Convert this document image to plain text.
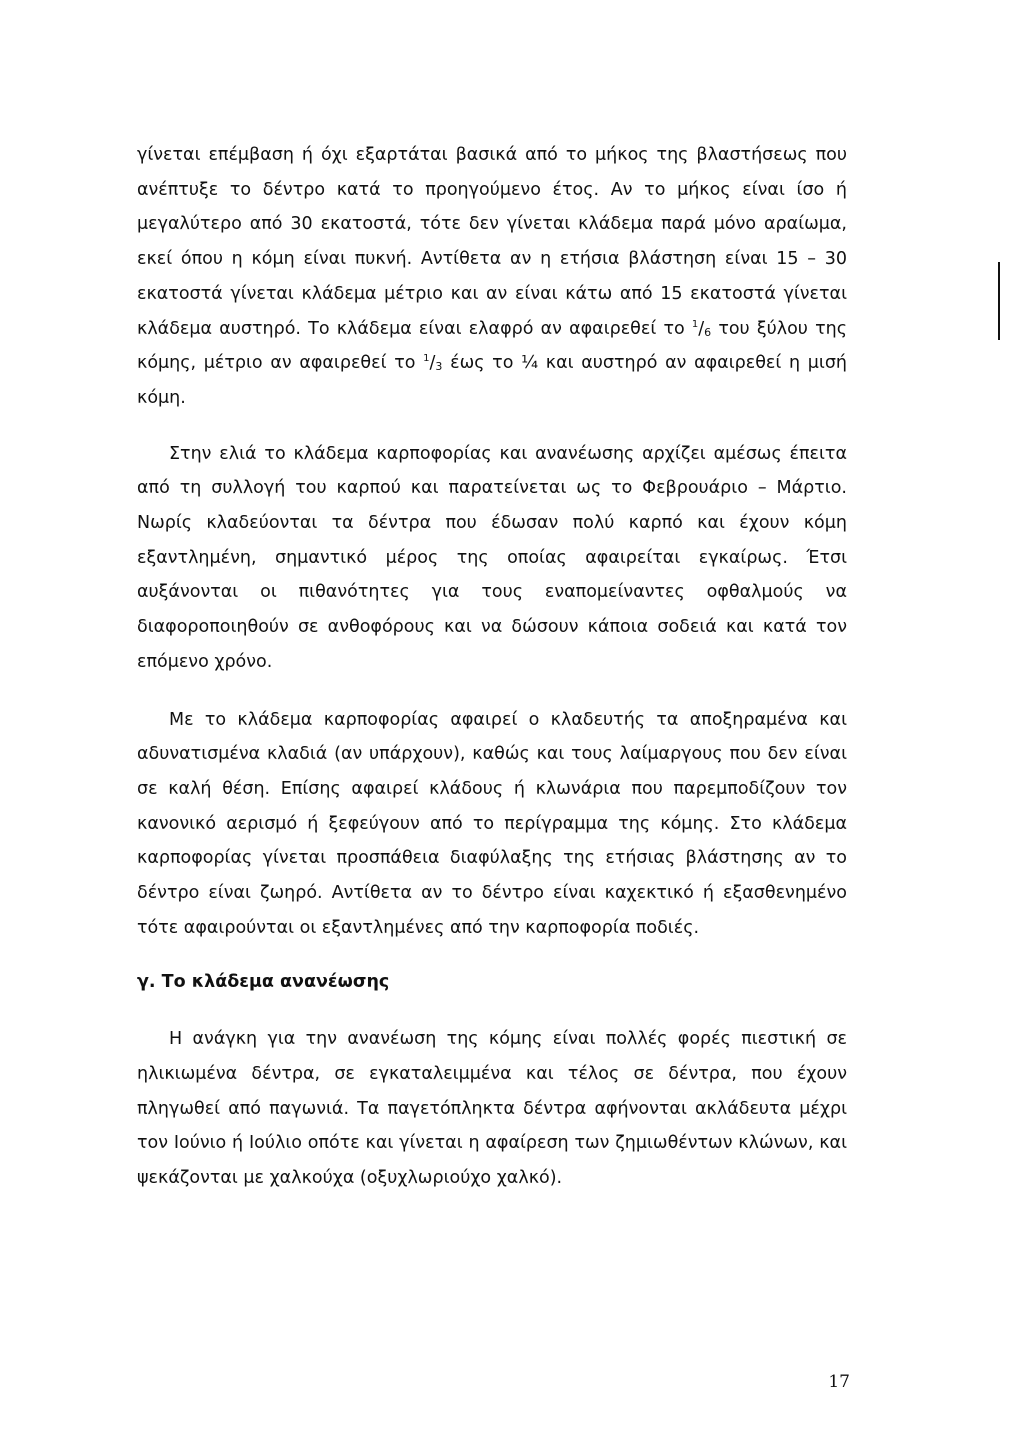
γίνεται επέμβαση ή όχι εξαρτάται βασικά από το μήκος της βλαστήσεως που ανέπτυξε το δέντρο κατά το προηγούμενο έτος. Αν το μήκος είναι ίσο ή μεγαλύτερο από 30 εκατοστά, τότε δεν γίνεται κλάδεμα παρά μόνο αραίωμα, εκεί όπου η κόμη είναι πυκνή. Αντίθετα αν η ετήσια βλάστηση είναι 15 – 30 εκατοστά γίνεται κλάδεμα μέτριο και αν είναι κάτω από 15 εκατοστά γίνεται κλάδεμα αυστηρό. Το κλάδεμα είναι ελαφρό αν αφαιρεθεί το $^1/_6$ του ξύλου της κόμης, μέτριο αν αφαιρεθεί το $^1/_3$ έως το ¼ και αυστηρό αν αφαιρεθεί η μισή κόμη.

Στην ελιά το κλάδεμα καρποφορίας και ανανέωσης αρχίζει αμέσως έπειτα από τη συλλογή του καρπού και παρατείνεται ως το Φεβρουάριο – Μάρτιο. Νωρίς κλαδεύονται τα δέντρα που έδωσαν πολύ καρπό και έχουν κόμη εξαντλημένη, σημαντικό μέρος της οποίας αφαιρείται εγκαίρως. Έτσι αυξάνονται οι πιθανότητες για τους εναπομείναντες οφθαλμούς να διαφοροποιηθούν σε ανθοφόρους και να δώσουν κάποια σοδειά και κατά τον επόμενο χρόνο.

Με το κλάδεμα καρποφορίας αφαιρεί ο κλαδευτής τα αποξηραμένα και αδυνατισμένα κλαδιά (αν υπάρχουν), καθώς και τους λαίμαργους που δεν είναι σε καλή θέση. Επίσης αφαιρεί κλάδους ή κλωνάρια που παρεμποδίζουν τον κανονικό αερισμό ή ξεφεύγουν από το περίγραμμα της κόμης. Στο κλάδεμα καρποφορίας γίνεται προσπάθεια διαφύλαξης της ετήσιας βλάστησης αν το δέντρο είναι ζωηρό. Αντίθετα αν το δέντρο είναι καχεκτικό ή εξασθενημένο τότε αφαιρούνται οι εξαντλημένες από την καρποφορία ποδιές.

γ. Το κλάδεμα ανανέωσης

Η ανάγκη για την ανανέωση της κόμης είναι πολλές φορές πιεστική σε ηλικιωμένα δέντρα, σε εγκαταλειμμένα και τέλος σε δέντρα, που έχουν πληγωθεί από παγωνιά. Τα παγετόπληκτα δέντρα αφήνονται ακλάδευτα μέχρι τον Ιούνιο ή Ιούλιο οπότε και γίνεται η αφαίρεση των ζημιωθέντων κλώνων, και ψεκάζονται με χαλκούχα (οξυχλωριούχο χαλκό).

17
